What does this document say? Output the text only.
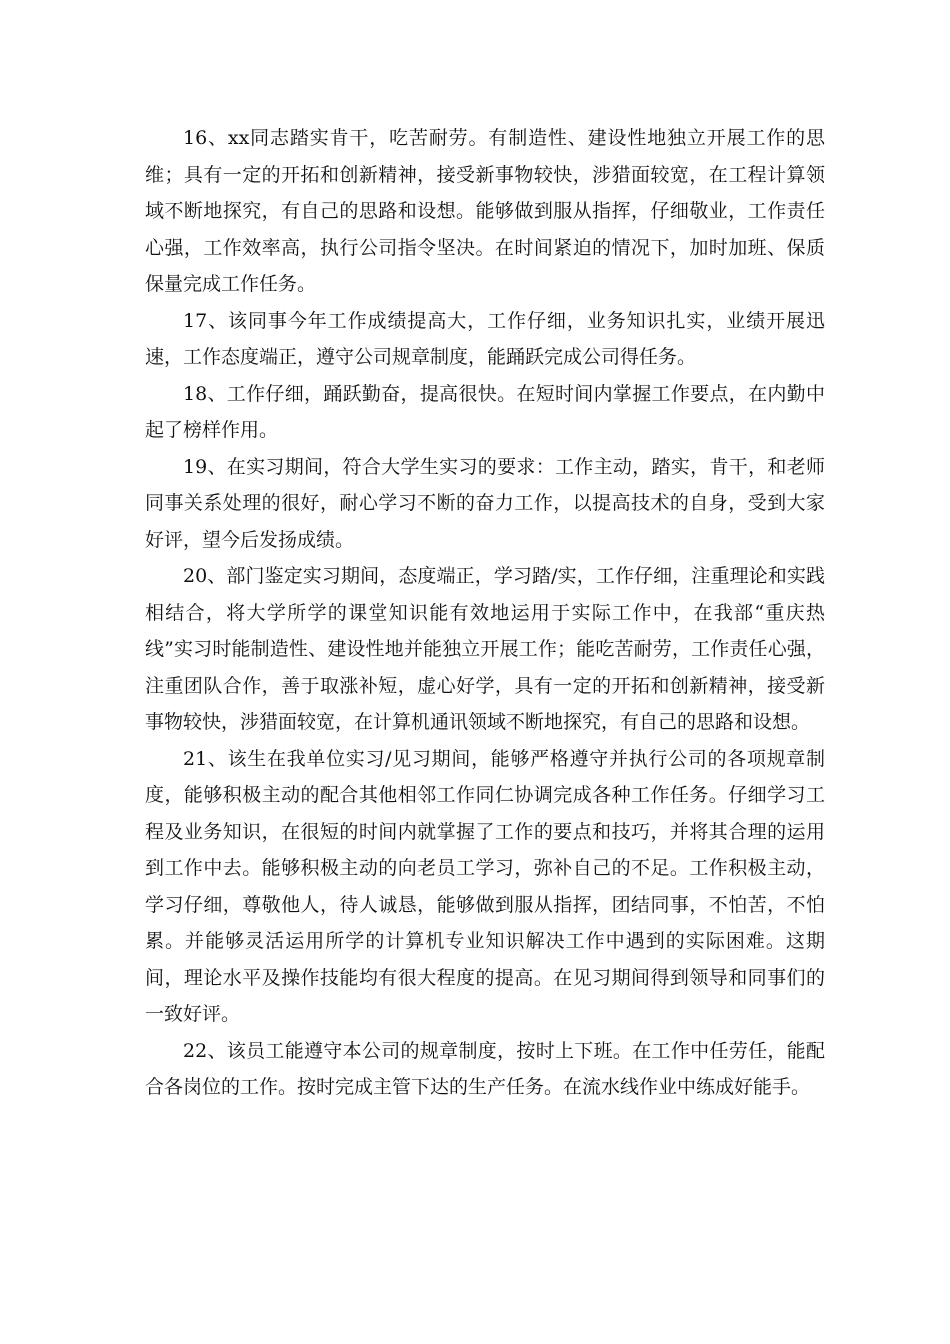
16、xx同志踏实肯干，吃苦耐劳。有制造性、建设性地独立开展工作的思维；具有一定的开拓和创新精神，接受新事物较快，涉猎面较宽，在工程计算领域不断地探究，有自己的思路和设想。能够做到服从指挥，仔细敬业，工作责任心强，工作效率高，执行公司指令坚决。在时间紧迫的情况下，加时加班、保质保量完成工作任务。

17、该同事今年工作成绩提高大，工作仔细，业务知识扎实，业绩开展迅速，工作态度端正，遵守公司规章制度，能踊跃完成公司得任务。

18、工作仔细，踊跃勤奋，提高很快。在短时间内掌握工作要点，在内勤中起了榜样作用。

19、在实习期间，符合大学生实习的要求：工作主动，踏实，肯干，和老师同事关系处理的很好，耐心学习不断的奋力工作，以提高技术的自身，受到大家好评，望今后发扬成绩。

20、部门鉴定实习期间，态度端正，学习踏/实，工作仔细，注重理论和实践相结合，将大学所学的课堂知识能有效地运用于实际工作中，在我部“重庆热线”实习时能制造性、建设性地并能独立开展工作；能吃苦耐劳，工作责任心强，注重团队合作，善于取涨补短，虚心好学，具有一定的开拓和创新精神，接受新事物较快，涉猎面较宽，在计算机通讯领域不断地探究，有自己的思路和设想。

21、该生在我单位实习/见习期间，能够严格遵守并执行公司的各项规章制度，能够积极主动的配合其他相邻工作同仁协调完成各种工作任务。仔细学习工程及业务知识，在很短的时间内就掌握了工作的要点和技巧，并将其合理的运用到工作中去。能够积极主动的向老员工学习，弥补自己的不足。工作积极主动，学习仔细，尊敬他人，待人诚恳，能够做到服从指挥，团结同事，不怕苦，不怕累。并能够灵活运用所学的计算机专业知识解决工作中遇到的实际困难。这期间，理论水平及操作技能均有很大程度的提高。在见习期间得到领导和同事们的一致好评。

22、该员工能遵守本公司的规章制度，按时上下班。在工作中任劳任，能配合各岗位的工作。按时完成主管下达的生产任务。在流水线作业中练成好能手。
